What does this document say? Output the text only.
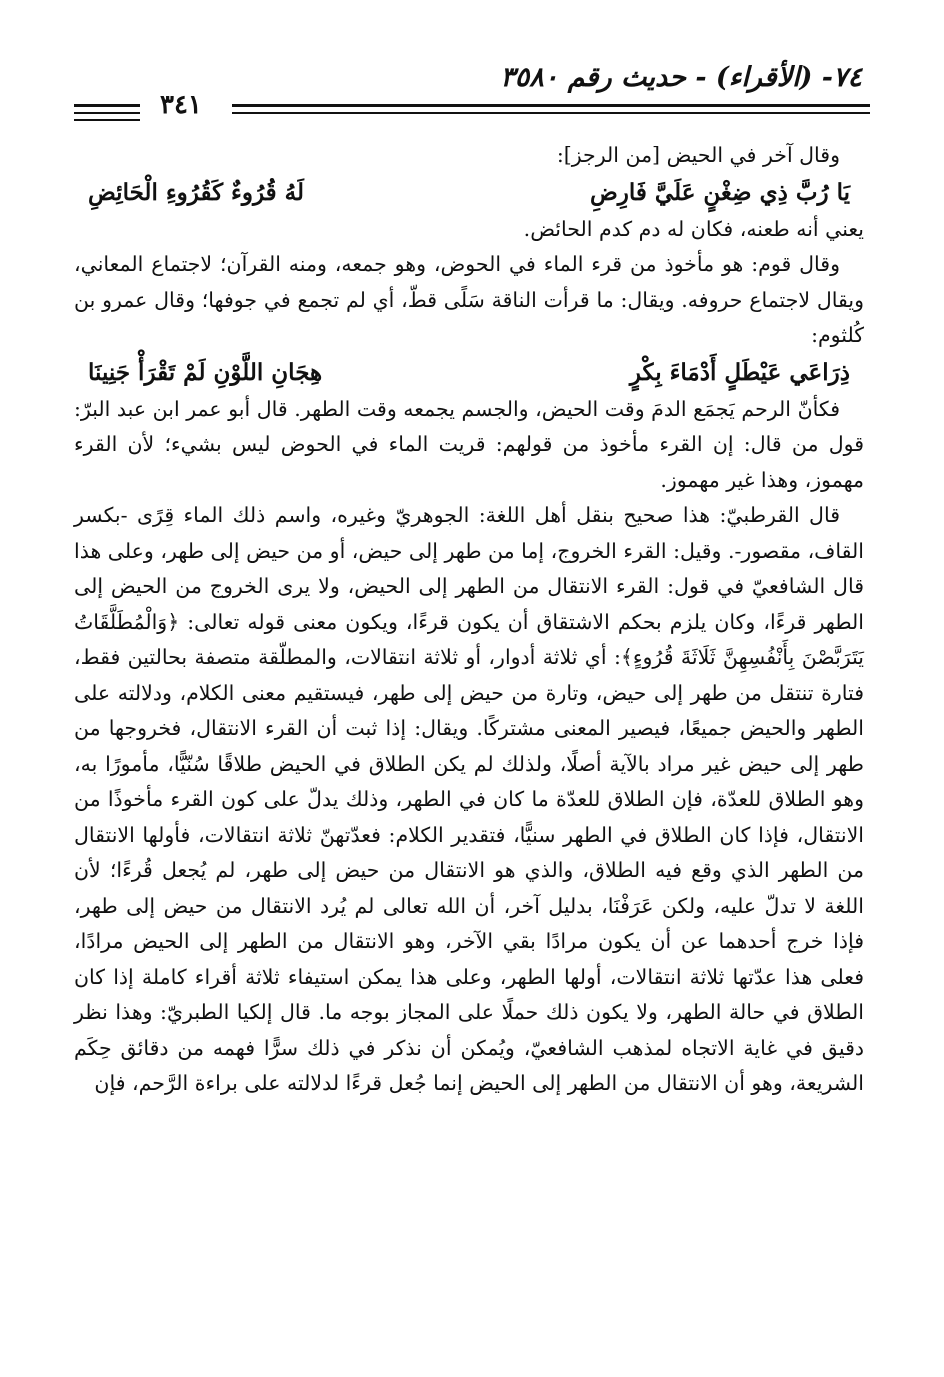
٧٤- (الأقراء) - حديث رقم ٣٥٨٠
٣٤١

وقال آخر في الحيض [من الرجز]:

يَا رُبَّ ذِي ضِغْنٍ عَلَيَّ فَارِضِ
لَهُ قُرُوءٌ كَقُرُوءِ الْحَائِضِ

يعني أنه طعنه، فكان له دم كدم الحائض.

وقال قوم: هو مأخوذ من قرء الماء في الحوض، وهو جمعه، ومنه القرآن؛ لاجتماع المعاني، ويقال لاجتماع حروفه. ويقال: ما قرأت الناقة سَلًى قطّ، أي لم تجمع في جوفها؛ وقال عمرو بن كُلثوم:

ذِرَاعَي عَيْطَلٍ أَدْمَاءَ بِكْرٍ
هِجَانِ اللَّوْنِ لَمْ تَقْرَأْ جَنِينَا

فكأنّ الرحم يَجمَع الدمَ وقت الحيض، والجسم يجمعه وقت الطهر. قال أبو عمر ابن عبد البرّ: قول من قال: إن القرء مأخوذ من قولهم: قريت الماء في الحوض ليس بشيء؛ لأن القرء مهموز، وهذا غير مهموز.

قال القرطبيّ: هذا صحيح بنقل أهل اللغة: الجوهريّ وغيره، واسم ذلك الماء قِرًى -بكسر القاف، مقصور-. وقيل: القرء الخروج، إما من طهر إلى حيض، أو من حيض إلى طهر، وعلى هذا قال الشافعيّ في قول: القرء الانتقال من الطهر إلى الحيض، ولا يرى الخروج من الحيض إلى الطهر قرءًا، وكان يلزم بحكم الاشتقاق أن يكون قرءًا، ويكون معنى قوله تعالى: ﴿وَالْمُطَلَّقَاتُ يَتَرَبَّصْنَ بِأَنْفُسِهِنَّ ثَلَاثَةَ قُرُوءٍ﴾: أي ثلاثة أدوار، أو ثلاثة انتقالات، والمطلّقة متصفة بحالتين فقط، فتارة تنتقل من طهر إلى حيض، وتارة من حيض إلى طهر، فيستقيم معنى الكلام، ودلالته على الطهر والحيض جميعًا، فيصير المعنى مشتركًا. ويقال: إذا ثبت أن القرء الانتقال، فخروجها من طهر إلى حيض غير مراد بالآية أصلًا، ولذلك لم يكن الطلاق في الحيض طلاقًا سُنّيًّا، مأمورًا به، وهو الطلاق للعدّة، فإن الطلاق للعدّة ما كان في الطهر، وذلك يدلّ على كون القرء مأخوذًا من الانتقال، فإذا كان الطلاق في الطهر سنيًّا، فتقدير الكلام: فعدّتهنّ ثلاثة انتقالات، فأولها الانتقال من الطهر الذي وقع فيه الطلاق، والذي هو الانتقال من حيض إلى طهر، لم يُجعل قُرءًا؛ لأن اللغة لا تدلّ عليه، ولكن عَرَفْنَا، بدليل آخر، أن الله تعالى لم يُرد الانتقال من حيض إلى طهر، فإذا خرج أحدهما عن أن يكون مرادًا بقي الآخر، وهو الانتقال من الطهر إلى الحيض مرادًا، فعلى هذا عدّتها ثلاثة انتقالات، أولها الطهر، وعلى هذا يمكن استيفاء ثلاثة أقراء كاملة إذا كان الطلاق في حالة الطهر، ولا يكون ذلك حملًا على المجاز بوجه ما. قال إلكيا الطبريّ: وهذا نظر دقيق في غاية الاتجاه لمذهب الشافعيّ، ويُمكن أن نذكر في ذلك سرًّا فهمه من دقائق حِكَم الشريعة، وهو أن الانتقال من الطهر إلى الحيض إنما جُعل قرءًا لدلالته على براءة الرَّحم، فإن
